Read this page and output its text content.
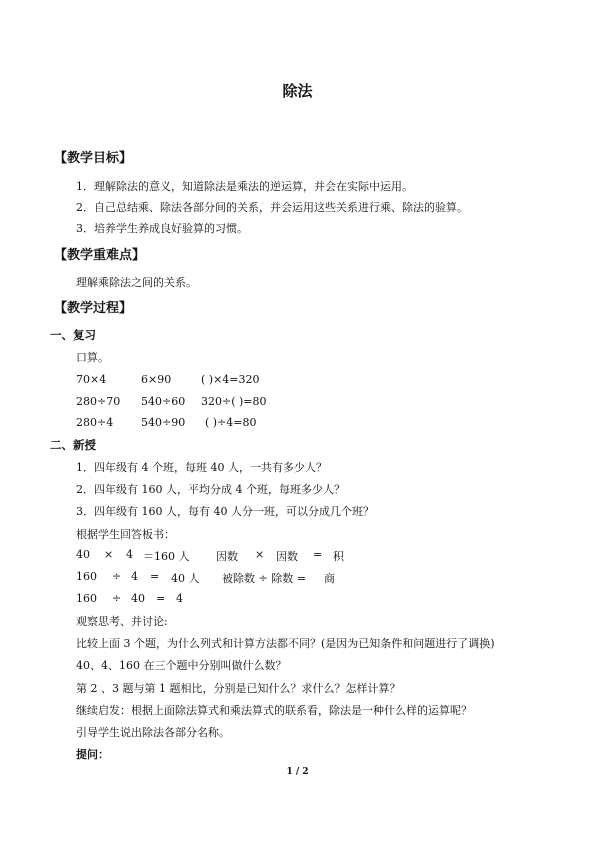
除法
【教学目标】
1．理解除法的意义，知道除法是乘法的逆运算，并会在实际中运用。
2．自己总结乘、除法各部分间的关系，并会运用这些关系进行乘、除法的验算。
3．培养学生养成良好验算的习惯。
【教学重难点】
理解乘除法之间的关系。
【教学过程】
一、复习
口算。
70×4	6×90	( )×4=320
280÷70 540÷60 320÷( )=80
280÷4	540÷90 ( )÷4=80
二、新授
1．四年级有 4 个班，每班 40 人，一共有多少人？
2．四年级有 160 人，平均分成 4 个班，每班多少人？
3．四年级有 160 人，每有 40 人分一班，可以分成几个班？
根据学生回答板书：
40 × 4 ＝160 人 因数 × 因数 = 积
160 ÷ 4 = 40 人 被除数 ÷ 除数 = 商
160 ÷ 40 = 4
观察思考、并讨论:
比较上面 3 个题，为什么列式和计算方法都不同？(是因为已知条件和问题进行了调换)
40、4、160 在三个题中分别叫做什么数？
第 2 、3 题与第 1 题相比，分别是已知什么？求什么？怎样计算？
继续启发：根据上面除法算式和乘法算式的联系看，除法是一种什么样的运算呢？
引导学生说出除法各部分名称。
提问：
1 / 2
